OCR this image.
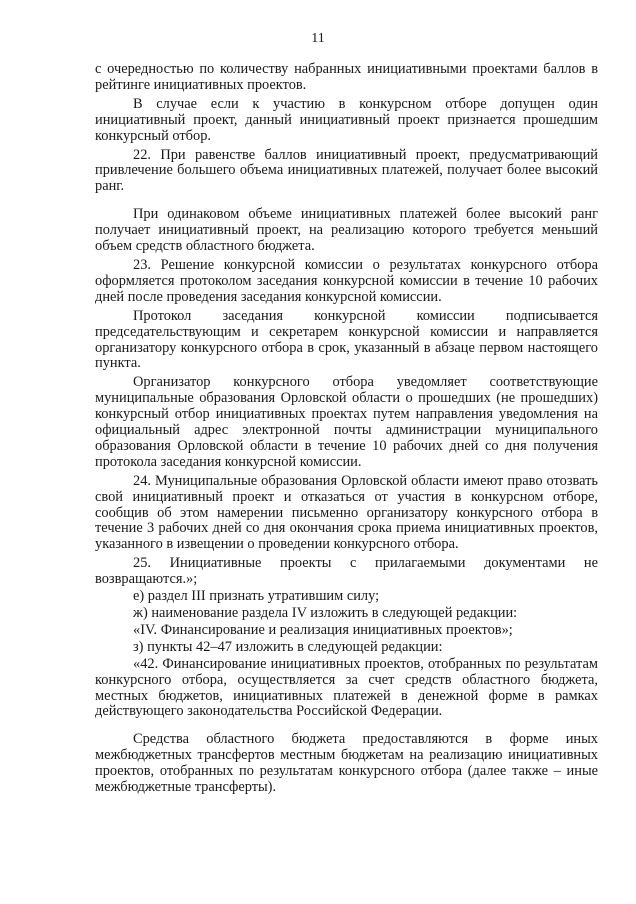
11

с очередностью по количеству набранных инициативными проектами баллов в рейтинге инициативных проектов.

В случае если к участию в конкурсном отборе допущен один инициативный проект, данный инициативный проект признается прошедшим конкурсный отбор.

22. При равенстве баллов инициативный проект, предусматривающий привлечение большего объема инициативных платежей, получает более высокий ранг.

При одинаковом объеме инициативных платежей более высокий ранг получает инициативный проект, на реализацию которого требуется меньший объем средств областного бюджета.

23. Решение конкурсной комиссии о результатах конкурсного отбора оформляется протоколом заседания конкурсной комиссии в течение 10 рабочих дней после проведения заседания конкурсной комиссии.

Протокол заседания конкурсной комиссии подписывается председательствующим и секретарем конкурсной комиссии и направляется организатору конкурсного отбора в срок, указанный в абзаце первом настоящего пункта.

Организатор конкурсного отбора уведомляет соответствующие муниципальные образования Орловской области о прошедших (не прошедших) конкурсный отбор инициативных проектах путем направления уведомления на официальный адрес электронной почты администрации муниципального образования Орловской области в течение 10 рабочих дней со дня получения протокола заседания конкурсной комиссии.

24. Муниципальные образования Орловской области имеют право отозвать свой инициативный проект и отказаться от участия в конкурсном отборе, сообщив об этом намерении письменно организатору конкурсного отбора в течение 3 рабочих дней со дня окончания срока приема инициативных проектов, указанного в извещении о проведении конкурсного отбора.

25. Инициативные проекты с прилагаемыми документами не возвращаются.»;

е) раздел III признать утратившим силу;

ж) наименование раздела IV изложить в следующей редакции:

«IV. Финансирование и реализация инициативных проектов»;

з) пункты 42–47 изложить в следующей редакции:

«42. Финансирование инициативных проектов, отобранных по результатам конкурсного отбора, осуществляется за счет средств областного бюджета, местных бюджетов, инициативных платежей в денежной форме в рамках действующего законодательства Российской Федерации.

Средства областного бюджета предоставляются в форме иных межбюджетных трансфертов местным бюджетам на реализацию инициативных проектов, отобранных по результатам конкурсного отбора (далее также – иные межбюджетные трансферты).
